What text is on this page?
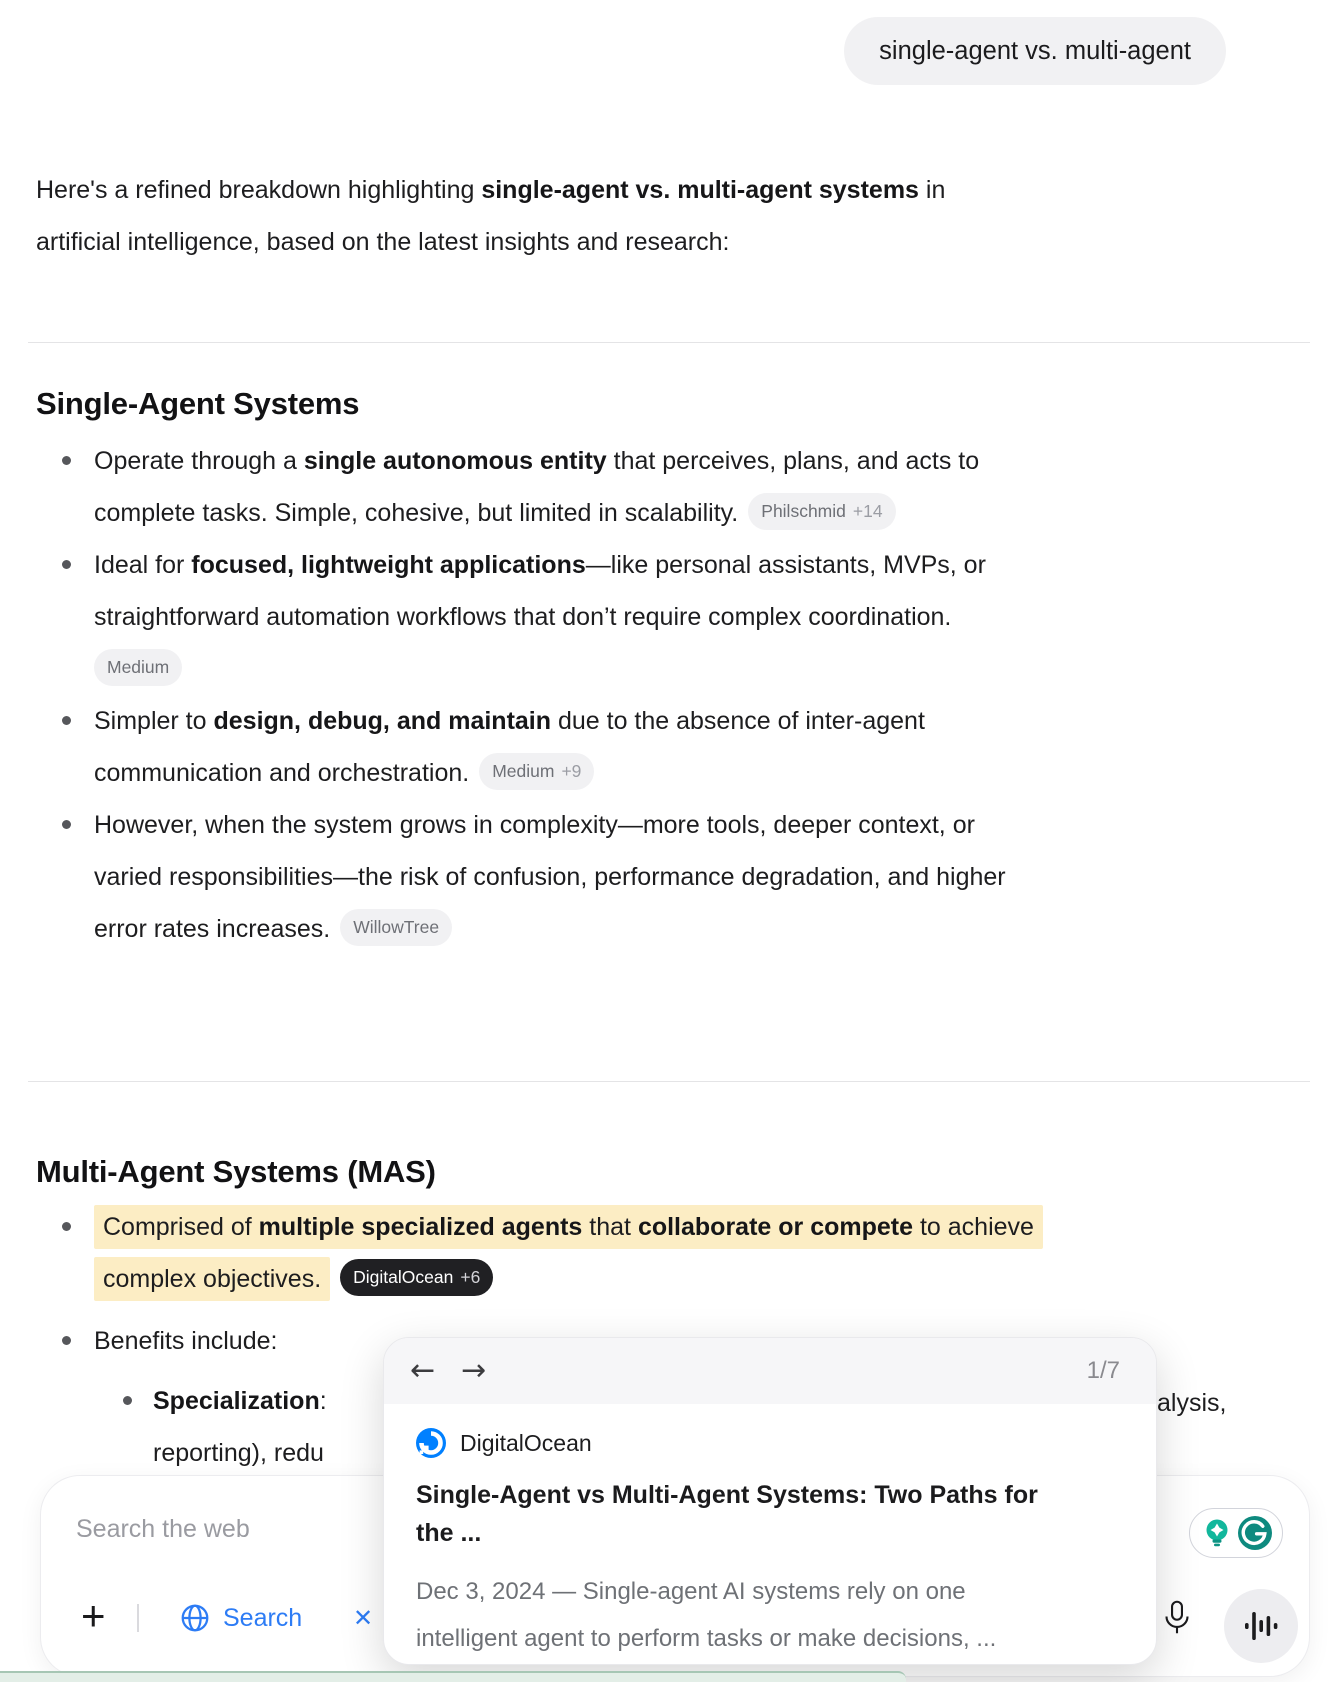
single-agent vs. multi-agent

Here's a refined breakdown highlighting single-agent vs. multi-agent systems in
artificial intelligence, based on the latest insights and research:

Single-Agent Systems
Operate through a single autonomous entity that perceives, plans, and acts to
complete tasks. Simple, cohesive, but limited in scalability. Philschmid +14
Ideal for focused, lightweight applications—like personal assistants, MVPs, or
straightforward automation workflows that don’t require complex coordination.

Medium
Simpler to design, debug, and maintain due to the absence of inter-agent
communication and orchestration. Medium +9
However, when the system grows in complexity—more tools, deeper context, or
varied responsibilities—the risk of confusion, performance degradation, and higher
error rates increases. WillowTree
Multi-Agent Systems (MAS)
Comprised of multiple specialized agents that collaborate or compete to achieve
complex objectives. DigitalOcean +6
Benefits include:
Specialization:
reporting), redu
alysis,
← →	1/7
DigitalOcean
Single-Agent vs Multi-Agent Systems: Two Paths for
the ...
Dec 3, 2024 — Single-agent AI systems rely on one
intelligent agent to perform tasks or make decisions, ...
Search the web
+	Search ✕
